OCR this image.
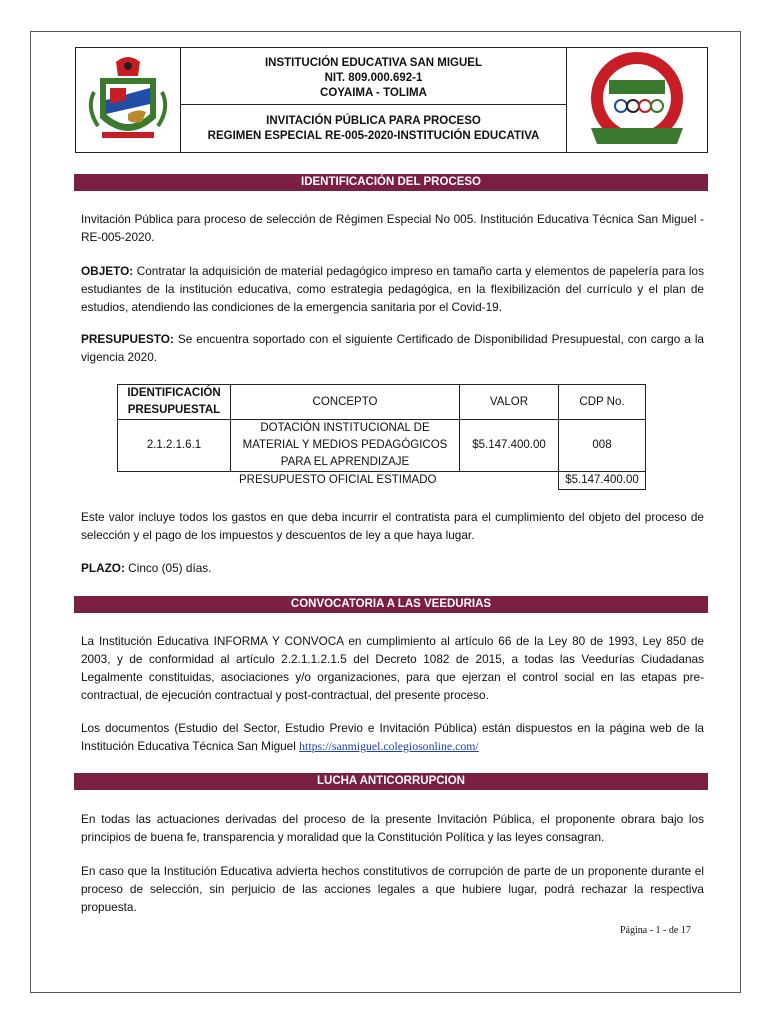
INSTITUCIÓN EDUCATIVA SAN MIGUEL
NIT. 809.000.692-1
COYAIMA - TOLIMA
INVITACIÓN PÚBLICA PARA PROCESO
REGIMEN ESPECIAL RE-005-2020-INSTITUCIÓN EDUCATIVA
IDENTIFICACIÓN DEL PROCESO
Invitación Pública para proceso de selección de Régimen Especial No 005. Institución Educativa Técnica San Miguel - RE-005-2020.
OBJETO: Contratar la adquisición de material pedagógico impreso en tamaño carta y elementos de papelería para los estudiantes de la institución educativa, como estrategia pedagógica, en la flexibilización del currículo y el plan de estudios, atendiendo las condiciones de la emergencia sanitaria por el Covid-19.
PRESUPUESTO: Se encuentra soportado con el siguiente Certificado de Disponibilidad Presupuestal, con cargo a la vigencia 2020.
IDENTIFICACIÓN PRESUPUESTAL	CONCEPTO	VALOR	CDP No.
2.1.2.1.6.1	DOTACIÓN INSTITUCIONAL DE MATERIAL Y MEDIOS PEDAGÓGICOS PARA EL APRENDIZAJE	$5.147.400.00	008
PRESUPUESTO OFICIAL ESTIMADO			$5.147.400.00
Este valor incluye todos los gastos en que deba incurrir el contratista para el cumplimiento del objeto del proceso de selección y el pago de los impuestos y descuentos de ley a que haya lugar.
PLAZO: Cinco (05) días.
CONVOCATORIA A LAS VEEDURIAS
La Institución Educativa INFORMA Y CONVOCA en cumplimiento al artículo 66 de la Ley 80 de 1993, Ley 850 de 2003, y de conformidad al artículo 2.2.1.1.2.1.5 del Decreto 1082 de 2015, a todas las Veedurías Ciudadanas Legalmente constituidas, asociaciones y/o organizaciones, para que ejerzan el control social en las etapas pre-contractual, de ejecución contractual y post-contractual, del presente proceso.
Los documentos (Estudio del Sector, Estudio Previo e Invitación Pública) están dispuestos en la página web de la Institución Educativa Técnica San Miguel https://sanmiguel.colegiosonline.com/
LUCHA ANTICORRUPCION
En todas las actuaciones derivadas del proceso de la presente Invitación Pública, el proponente obrara bajo los principios de buena fe, transparencia y moralidad que la Constitución Política y las leyes consagran.
En caso que la Institución Educativa advierta hechos constitutivos de corrupción de parte de un proponente durante el proceso de selección, sin perjuicio de las acciones legales a que hubiere lugar, podrá rechazar la respectiva propuesta.
Página - 1 - de 17
